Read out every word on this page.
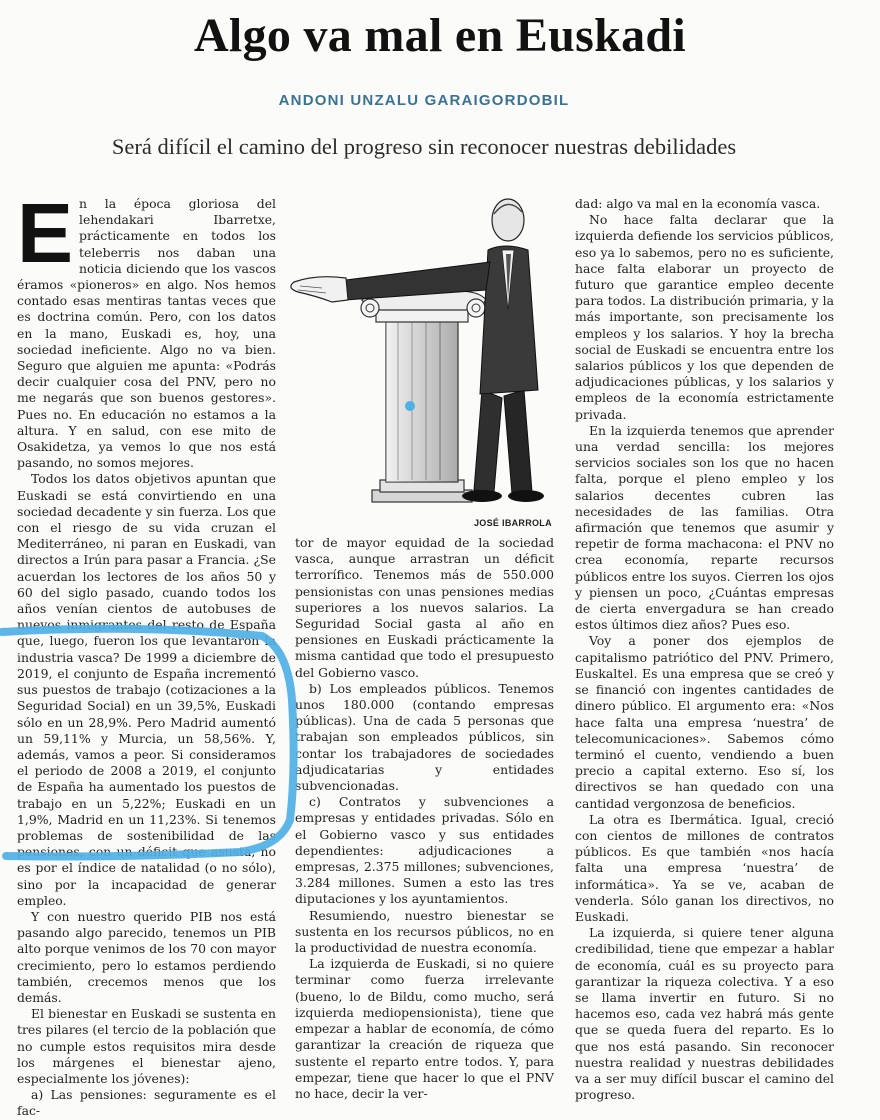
Algo va mal en Euskadi

ANDONI UNZALU GARAIGORDOBIL

Será difícil el camino del progreso sin reconocer nuestras debilidades

E n la época gloriosa del lehendakari Ibarretxe, prácticamente en todos los teleberris nos daban una noticia diciendo que los vascos éramos «pioneros» en algo. Nos hemos contado esas mentiras tantas veces que es doctrina común. Pero, con los datos en la mano, Euskadi es, hoy, una sociedad ineficiente. Algo no va bien. Seguro que alguien me apunta: «Podrás decir cualquier cosa del PNV, pero no me negarás que son buenos gestores». Pues no. En educación no estamos a la altura. Y en salud, con ese mito de Osakidetza, ya vemos lo que nos está pasando, no somos mejores.

Todos los datos objetivos apuntan que Euskadi se está convirtiendo en una sociedad decadente y sin fuerza. Los que con el riesgo de su vida cruzan el Mediterráneo, ni paran en Euskadi, van directos a Irún para pasar a Francia. ¿Se acuerdan los lectores de los años 50 y 60 del siglo pasado, cuando todos los años venían cientos de autobuses de nuevos inmigrantes del resto de España que, luego, fueron los que levantaron la industria vasca? De 1999 a diciembre de 2019, el conjunto de España incrementó sus puestos de trabajo (cotizaciones a la Seguridad Social) en un 39,5%, Euskadi sólo en un 28,9%. Pero Madrid aumentó un 59,11% y Murcia, un 58,56%. Y, además, vamos a peor. Si consideramos el periodo de 2008 a 2019, el conjunto de España ha aumentado los puestos de trabajo en un 5,22%; Euskadi en un 1,9%, Madrid en un 11,23%. Si tenemos problemas de sostenibilidad de las pensiones, con un déficit que asusta, no es por el índice de natalidad (o no sólo), sino por la incapacidad de generar empleo.

Y con nuestro querido PIB nos está pasando algo parecido, tenemos un PIB alto porque venimos de los 70 con mayor crecimiento, pero lo estamos perdiendo también, crecemos menos que los demás.

El bienestar en Euskadi se sustenta en tres pilares (el tercio de la población que no cumple estos requisitos mira desde los márgenes el bienestar ajeno, especialmente los jóvenes):

a) Las pensiones: seguramente es el fac-

JOSÉ IBARROLA

tor de mayor equidad de la sociedad vasca, aunque arrastran un déficit terrorífico. Tenemos más de 550.000 pensionistas con unas pensiones medias superiores a los nuevos salarios. La Seguridad Social gasta al año en pensiones en Euskadi prácticamente la misma cantidad que todo el presupuesto del Gobierno vasco.

b) Los empleados públicos. Tenemos unos 180.000 (contando empresas públicas). Una de cada 5 personas que trabajan son empleados públicos, sin contar los trabajadores de sociedades adjudicatarias y entidades subvencionadas.

c) Contratos y subvenciones a empresas y entidades privadas. Sólo en el Gobierno vasco y sus entidades dependientes: adjudicaciones a empresas, 2.375 millones; subvenciones, 3.284 millones. Sumen a esto las tres diputaciones y los ayuntamientos.

Resumiendo, nuestro bienestar se sustenta en los recursos públicos, no en la productividad de nuestra economía.

La izquierda de Euskadi, si no quiere terminar como fuerza irrelevante (bueno, lo de Bildu, como mucho, será izquierda mediopensionista), tiene que empezar a hablar de economía, de cómo garantizar la creación de riqueza que sustente el reparto entre todos. Y, para empezar, tiene que hacer lo que el PNV no hace, decir la ver-

dad: algo va mal en la economía vasca.

No hace falta declarar que la izquierda defiende los servicios públicos, eso ya lo sabemos, pero no es suficiente, hace falta elaborar un proyecto de futuro que garantice empleo decente para todos. La distribución primaria, y la más importante, son precisamente los empleos y los salarios. Y hoy la brecha social de Euskadi se encuentra entre los salarios públicos y los que dependen de adjudicaciones públicas, y los salarios y empleos de la economía estrictamente privada.

En la izquierda tenemos que aprender una verdad sencilla: los mejores servicios sociales son los que no hacen falta, porque el pleno empleo y los salarios decentes cubren las necesidades de las familias. Otra afirmación que tenemos que asumir y repetir de forma machacona: el PNV no crea economía, reparte recursos públicos entre los suyos. Cierren los ojos y piensen un poco, ¿Cuántas empresas de cierta envergadura se han creado estos últimos diez años? Pues eso.

Voy a poner dos ejemplos de capitalismo patriótico del PNV. Primero, Euskaltel. Es una empresa que se creó y se financió con ingentes cantidades de dinero público. El argumento era: «Nos hace falta una empresa ‘nuestra’ de telecomunicaciones». Sabemos cómo terminó el cuento, vendiendo a buen precio a capital externo. Eso sí, los directivos se han quedado con una cantidad vergonzosa de beneficios.

La otra es Ibermática. Igual, creció con cientos de millones de contratos públicos. Es que también «nos hacía falta una empresa ‘nuestra’ de informática». Ya se ve, acaban de venderla. Sólo ganan los directivos, no Euskadi.

La izquierda, si quiere tener alguna credibilidad, tiene que empezar a hablar de economía, cuál es su proyecto para garantizar la riqueza colectiva. Y a eso se llama invertir en futuro. Si no hacemos eso, cada vez habrá más gente que se queda fuera del reparto. Es lo que nos está pasando. Sin reconocer nuestra realidad y nuestras debilidades va a ser muy difícil buscar el camino del progreso.
